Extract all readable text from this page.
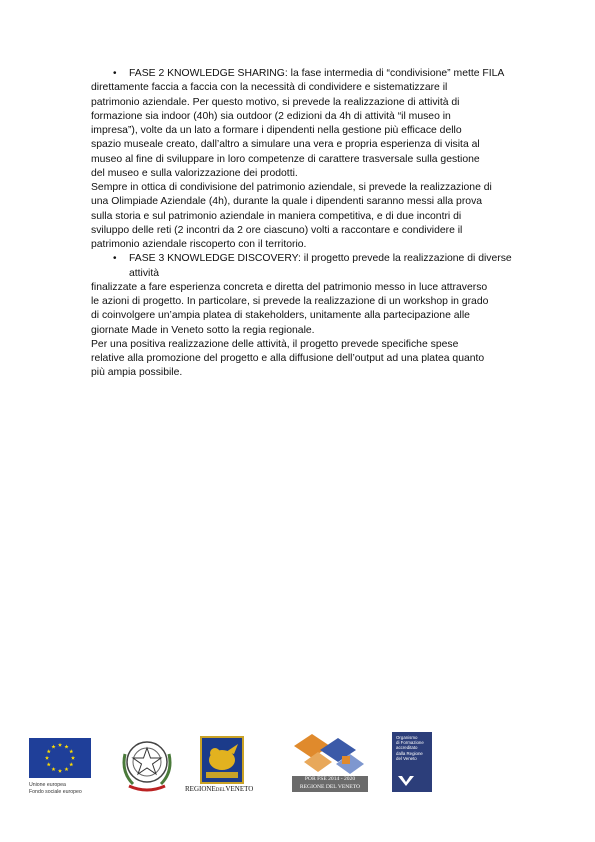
• FASE 2 KNOWLEDGE SHARING: la fase intermedia di “condivisione” mette FILA
direttamente faccia a faccia con la necessità di condividere e sistematizzare il
patrimonio aziendale. Per questo motivo, si prevede la realizzazione di attività di
formazione sia indoor (40h) sia outdoor (2 edizioni da 4h di attività “il museo in
impresa”), volte da un lato a formare i dipendenti nella gestione più efficace dello
spazio museale creato, dall’altro a simulare una vera e propria esperienza di visita al
museo al fine di sviluppare in loro competenze di carattere trasversale sulla gestione
del museo e sulla valorizzazione dei prodotti.
Sempre in ottica di condivisione del patrimonio aziendale, si prevede la realizzazione di
una Olimpiade Aziendale (4h), durante la quale i dipendenti saranno messi alla prova
sulla storia e sul patrimonio aziendale in maniera competitiva, e di due incontri di
sviluppo delle reti (2 incontri da 2 ore ciascuno) volti a raccontare e condividere il
patrimonio aziendale riscoperto con il territorio.
• FASE 3 KNOWLEDGE DISCOVERY: il progetto prevede la realizzazione di diverse
attività
finalizzate a fare esperienza concreta e diretta del patrimonio messo in luce attraverso
le azioni di progetto. In particolare, si prevede la realizzazione di un workshop in grado
di coinvolgere un’ampia platea di stakeholders, unitamente alla partecipazione alle
giornate Made in Veneto sotto la regia regionale.
Per una positiva realizzazione delle attività, il progetto prevede specifiche spese
relative alla promozione del progetto e alla diffusione dell’output ad una platea quanto
più ampia possibile.
Unione europea
Fondo sociale europeo	REGIONEDELVENETO
POR FSE 2014 - 2020
REGIONE DEL VENETO
Organismo
di Formazione
accreditato
dalla Regione
del Veneto
